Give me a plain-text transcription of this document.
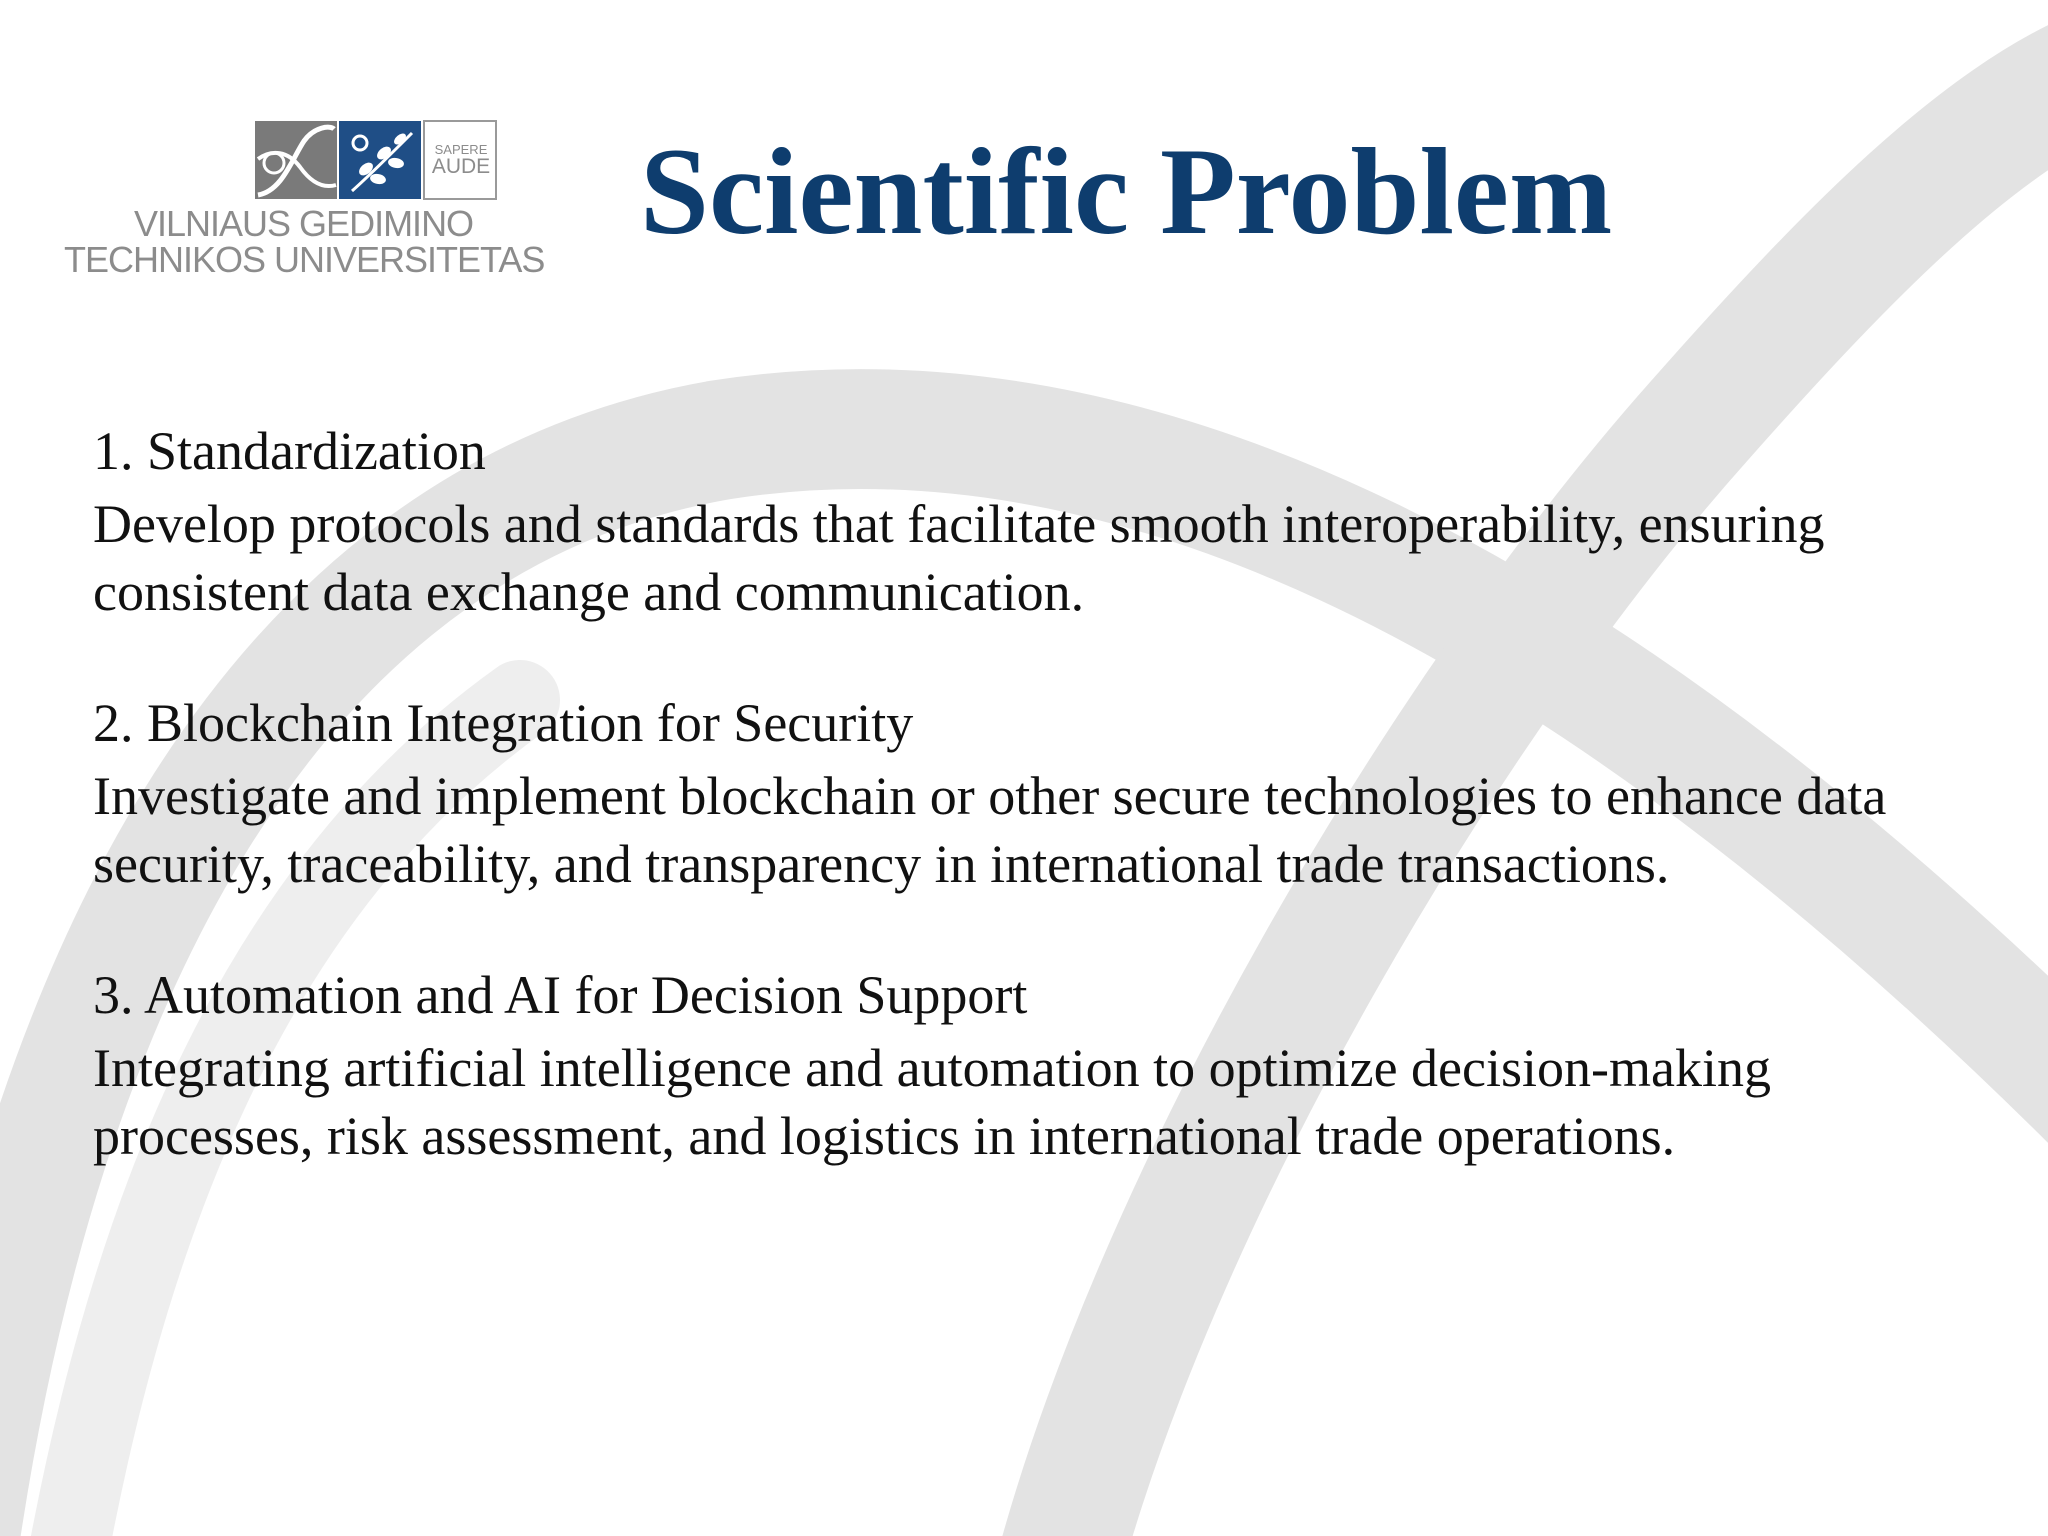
SAPERE
AUDE
VILNIAUS GEDIMINO
TECHNIKOS UNIVERSITETAS Scientific Problem

1. Standardization

Develop protocols and standards that facilitate smooth interoperability, ensuring consistent data exchange and communication.

2. Blockchain Integration for Security

Investigate and implement blockchain or other secure technologies to enhance data security, traceability, and transparency in international trade transactions.

3. Automation and AI for Decision Support

Integrating artificial intelligence and automation to optimize decision-making processes, risk assessment, and logistics in international trade operations.
